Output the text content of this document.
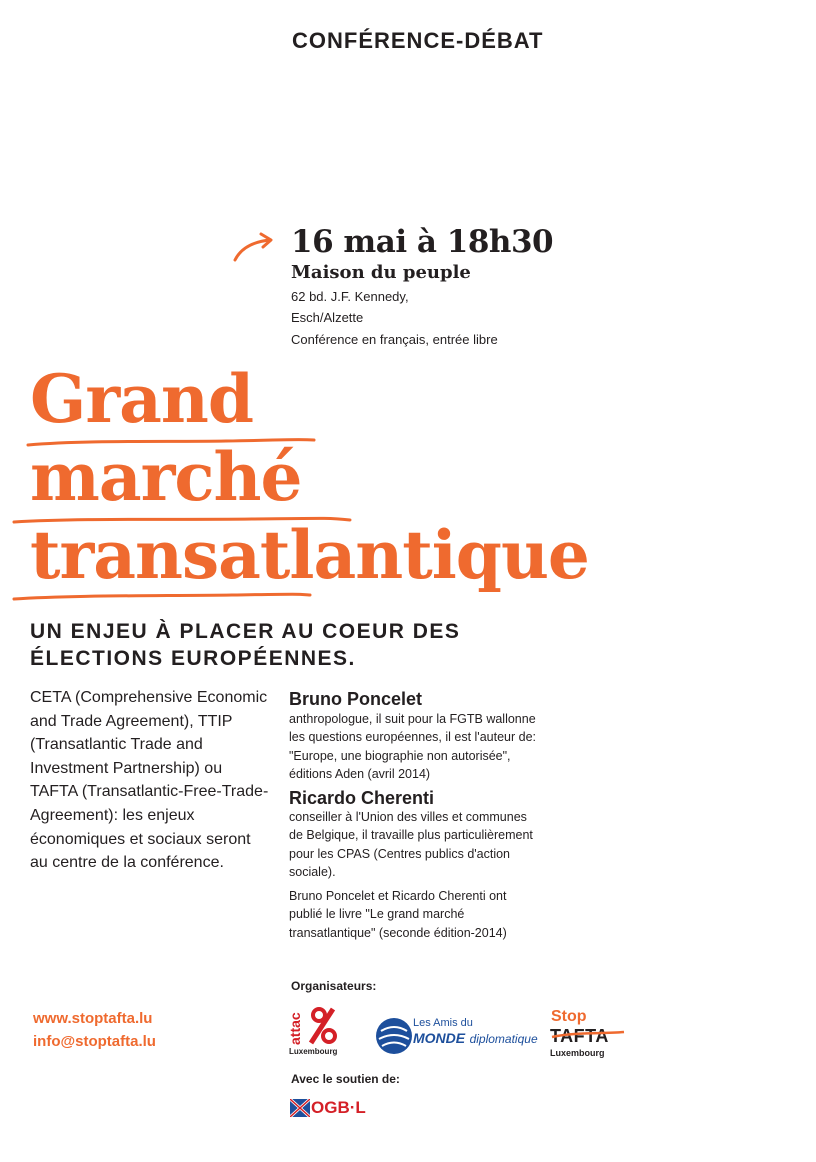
CONFÉRENCE-DÉBAT
16 mai à 18h30
Maison du peuple
62 bd. J.F. Kennedy,
Esch/Alzette
Conférence en français, entrée libre
Grand
marché
transatlantique
UN ENJEU À PLACER AU COEUR DES
ÉLECTIONS EUROPÉENNES.
CETA (Comprehensive Economic and Trade Agreement), TTIP (Transatlantic Trade and Investment Partnership) ou TAFTA (Transatlantic-Free-Trade-Agreement): les enjeux économiques et sociaux seront au centre de la conférence.
Bruno Poncelet
anthropologue, il suit pour la FGTB wallonne les questions européennes, il est l'auteur de: "Europe, une biographie non autorisée", éditions Aden (avril 2014)
Ricardo Cherenti
conseiller à l'Union des villes et communes de Belgique, il travaille plus particulièrement pour les CPAS (Centres publics d'action sociale).
Bruno Poncelet et Ricardo Cherenti ont publié le livre "Le grand marché transatlantique" (seconde édition-2014)
Organisateurs:
attac
Luxembourg
Les Amis du
MONDE diplomatique
Stop
TAFTA
Luxembourg
www.stoptafta.lu
info@stoptafta.lu
Avec le soutien de:
OGB·L
